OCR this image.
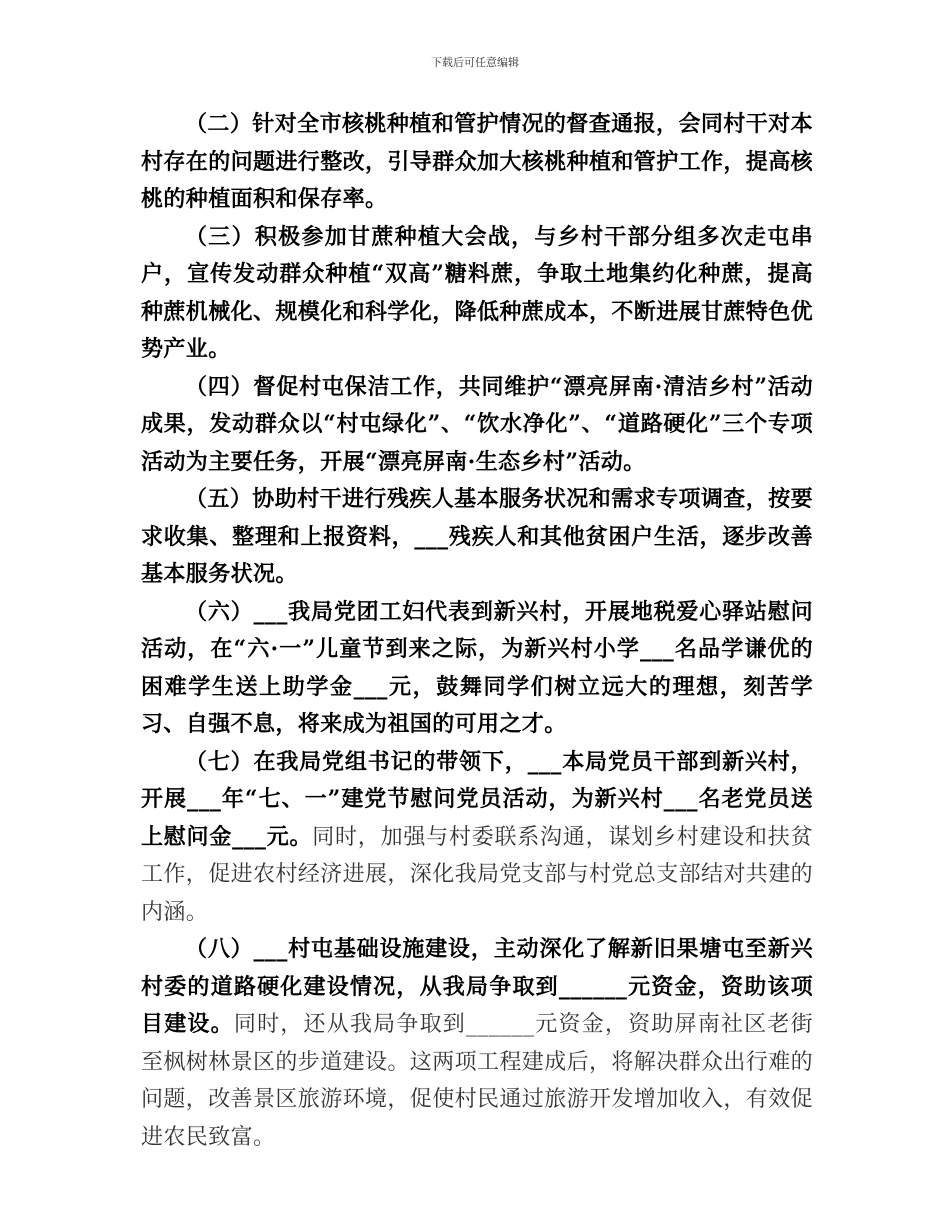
下载后可任意编辑

（二）针对全市核桃种植和管护情况的督查通报，会同村干对本村存在的问题进行整改，引导群众加大核桃种植和管护工作，提高核桃的种植面积和保存率。

（三）积极参加甘蔗种植大会战，与乡村干部分组多次走屯串户，宣传发动群众种植“双高”糖料蔗，争取土地集约化种蔗，提高种蔗机械化、规模化和科学化，降低种蔗成本，不断进展甘蔗特色优势产业。

（四）督促村屯保洁工作，共同维护“漂亮屏南·清洁乡村”活动成果，发动群众以“村屯绿化”、“饮水净化”、“道路硬化”三个专项活动为主要任务，开展“漂亮屏南·生态乡村”活动。

（五）协助村干进行残疾人基本服务状况和需求专项调查，按要求收集、整理和上报资料，___残疾人和其他贫困户生活，逐步改善基本服务状况。

（六）___我局党团工妇代表到新兴村，开展地税爱心驿站慰问活动，在“六·一”儿童节到来之际，为新兴村小学___名品学谦优的困难学生送上助学金___元，鼓舞同学们树立远大的理想，刻苦学习、自强不息，将来成为祖国的可用之才。

（七）在我局党组书记的带领下，___本局党员干部到新兴村，开展___年“七、一”建党节慰问党员活动，为新兴村___名老党员送上慰问金___元。同时，加强与村委联系沟通，谋划乡村建设和扶贫工作，促进农村经济进展，深化我局党支部与村党总支部结对共建的内涵。

（八）___村屯基础设施建设，主动深化了解新旧果塘屯至新兴村委的道路硬化建设情况，从我局争取到______元资金，资助该项目建设。同时，还从我局争取到______元资金，资助屏南社区老街至枫树林景区的步道建设。这两项工程建成后，将解决群众出行难的问题，改善景区旅游环境，促使村民通过旅游开发增加收入，有效促进农民致富。
